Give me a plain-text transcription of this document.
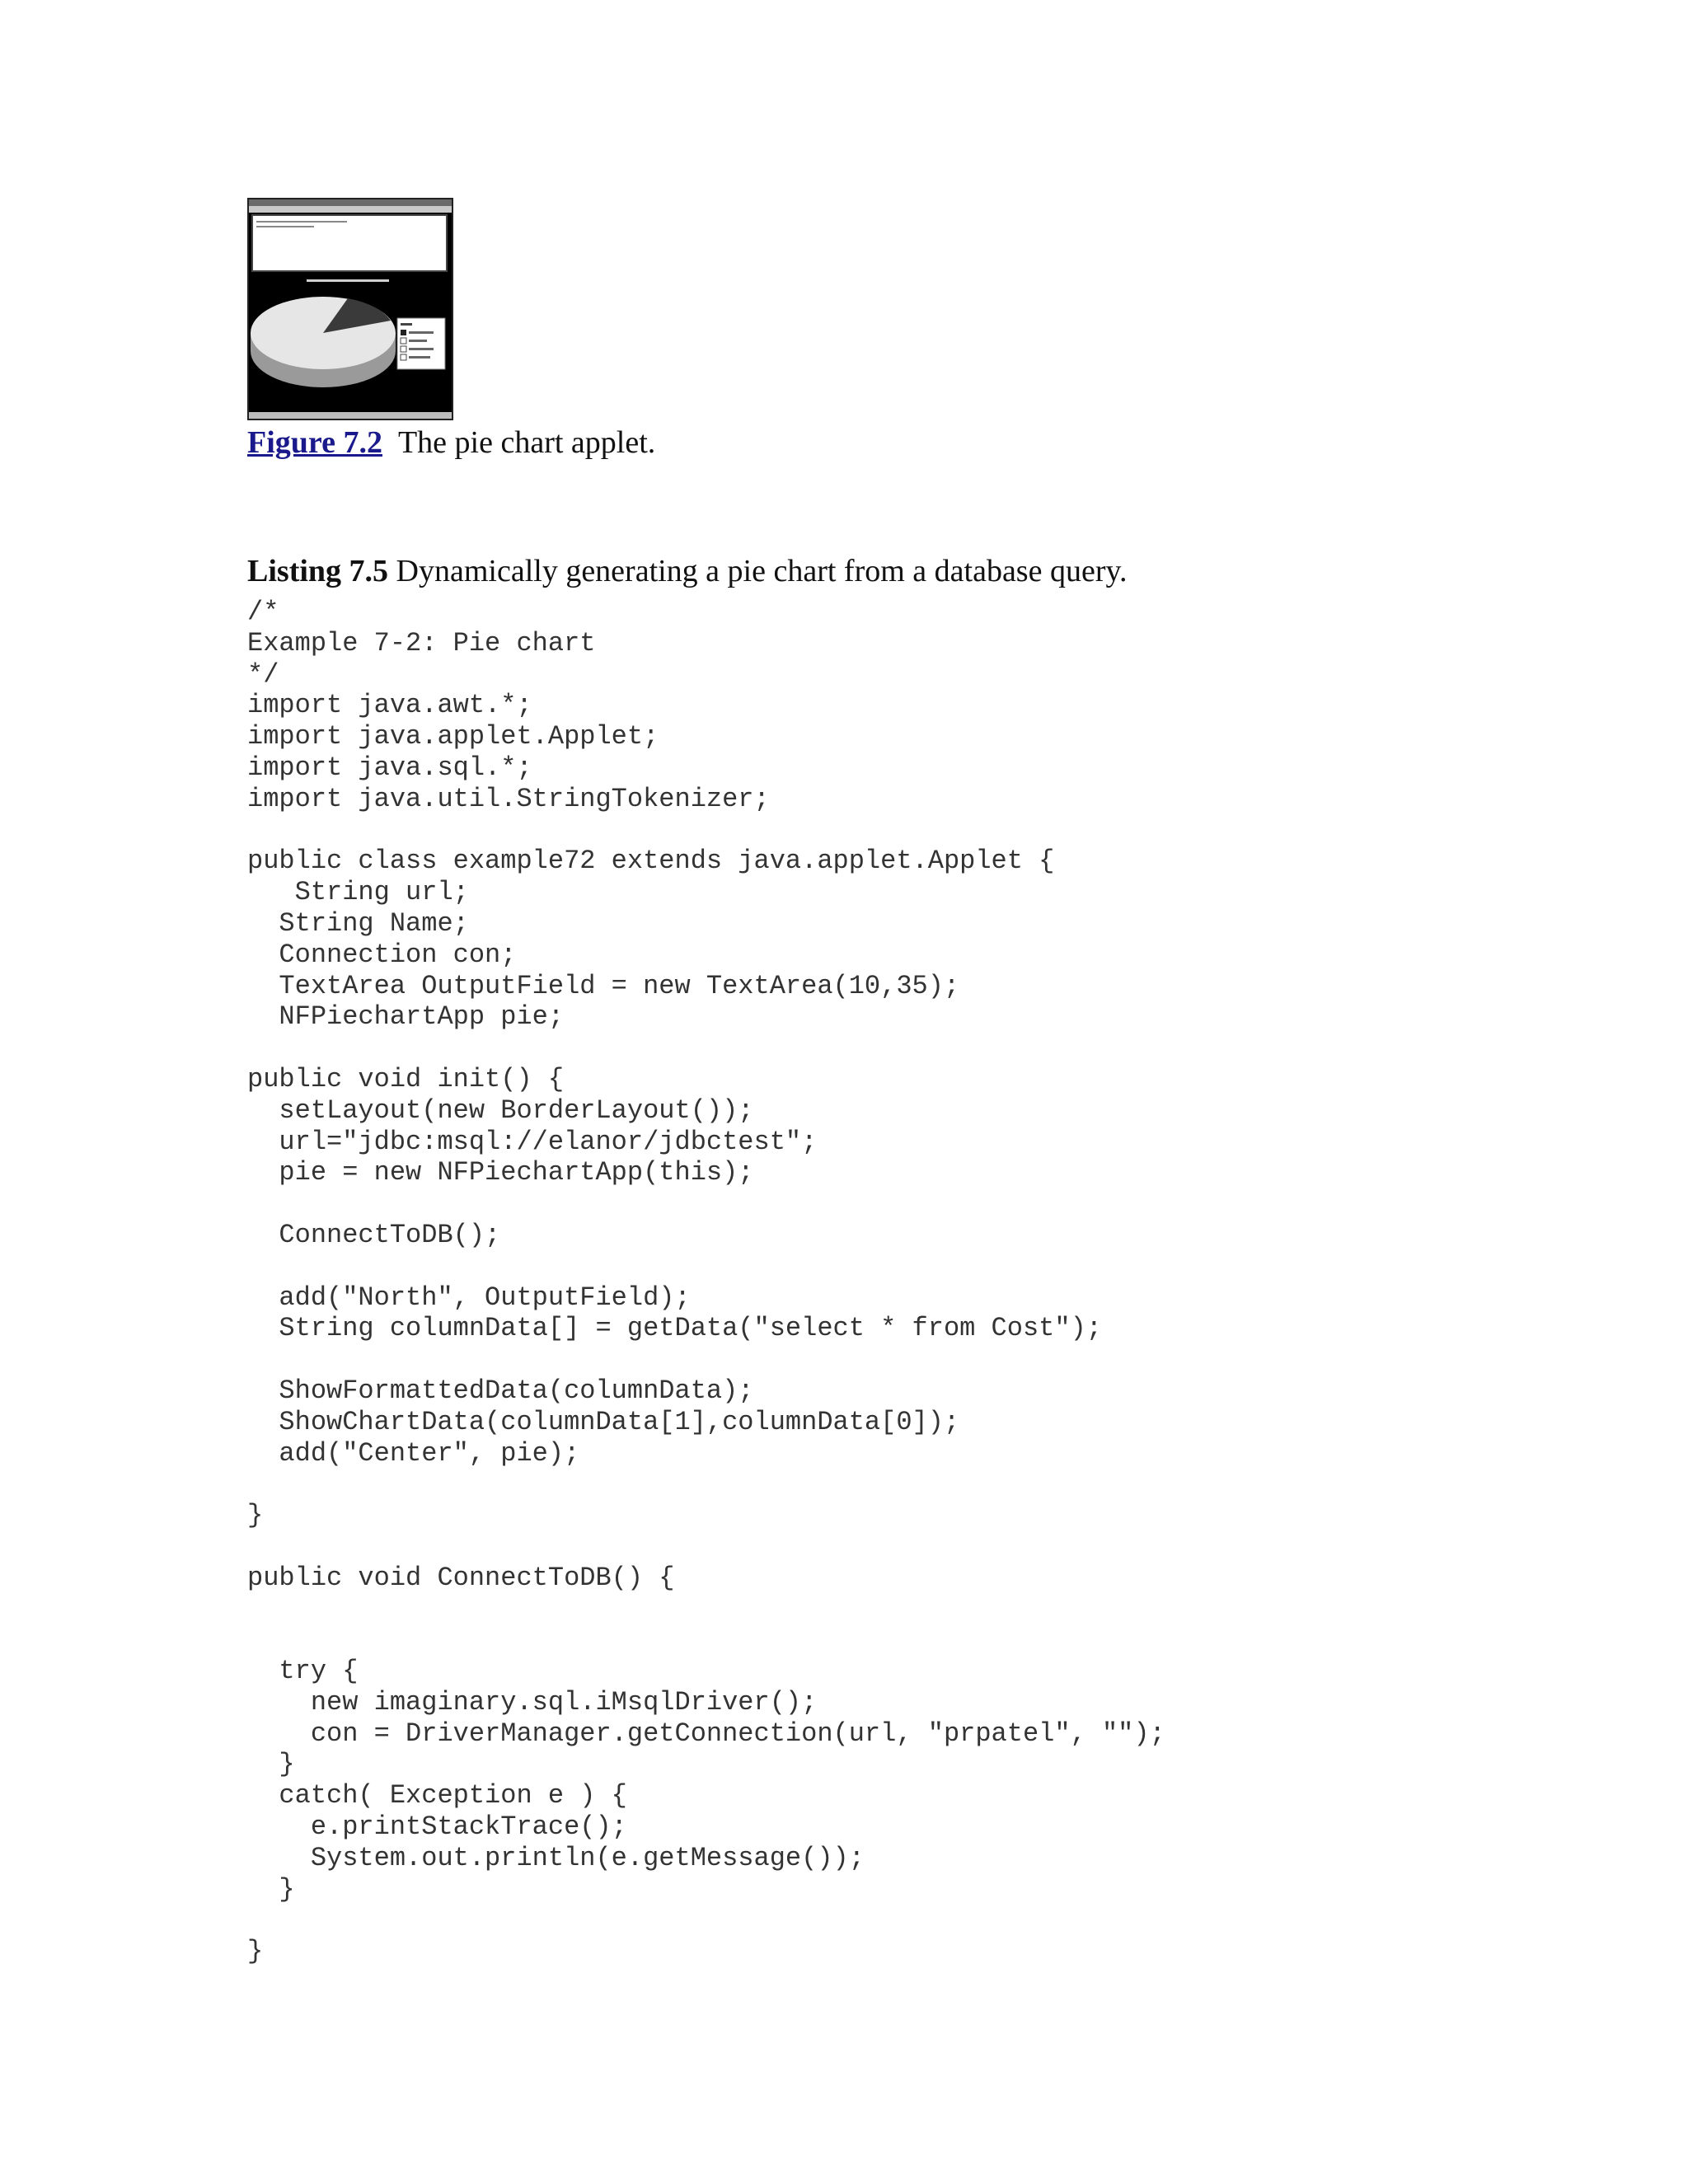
Figure 7.2 The pie chart applet.
Listing 7.5 Dynamically generating a pie chart from a database query.
/*
Example 7-2: Pie chart
*/
import java.awt.*;
import java.applet.Applet;
import java.sql.*;
import java.util.StringTokenizer;
public class example72 extends java.applet.Applet {
String url;
String Name;
Connection con;
TextArea OutputField = new TextArea(10,35);
NFPiechartApp pie;
public void init() {
setLayout(new BorderLayout());
url="jdbc:msql://elanor/jdbctest";
pie = new NFPiechartApp(this);
ConnectToDB();
add("North", OutputField);
String columnData[] = getData("select * from Cost");
ShowFormattedData(columnData);
ShowChartData(columnData[1],columnData[0]);
add("Center", pie);
}
public void ConnectToDB() {
try {
new imaginary.sql.iMsqlDriver();
con = DriverManager.getConnection(url, "prpatel", "");
}
catch( Exception e ) {
e.printStackTrace();
System.out.println(e.getMessage());
}
}
